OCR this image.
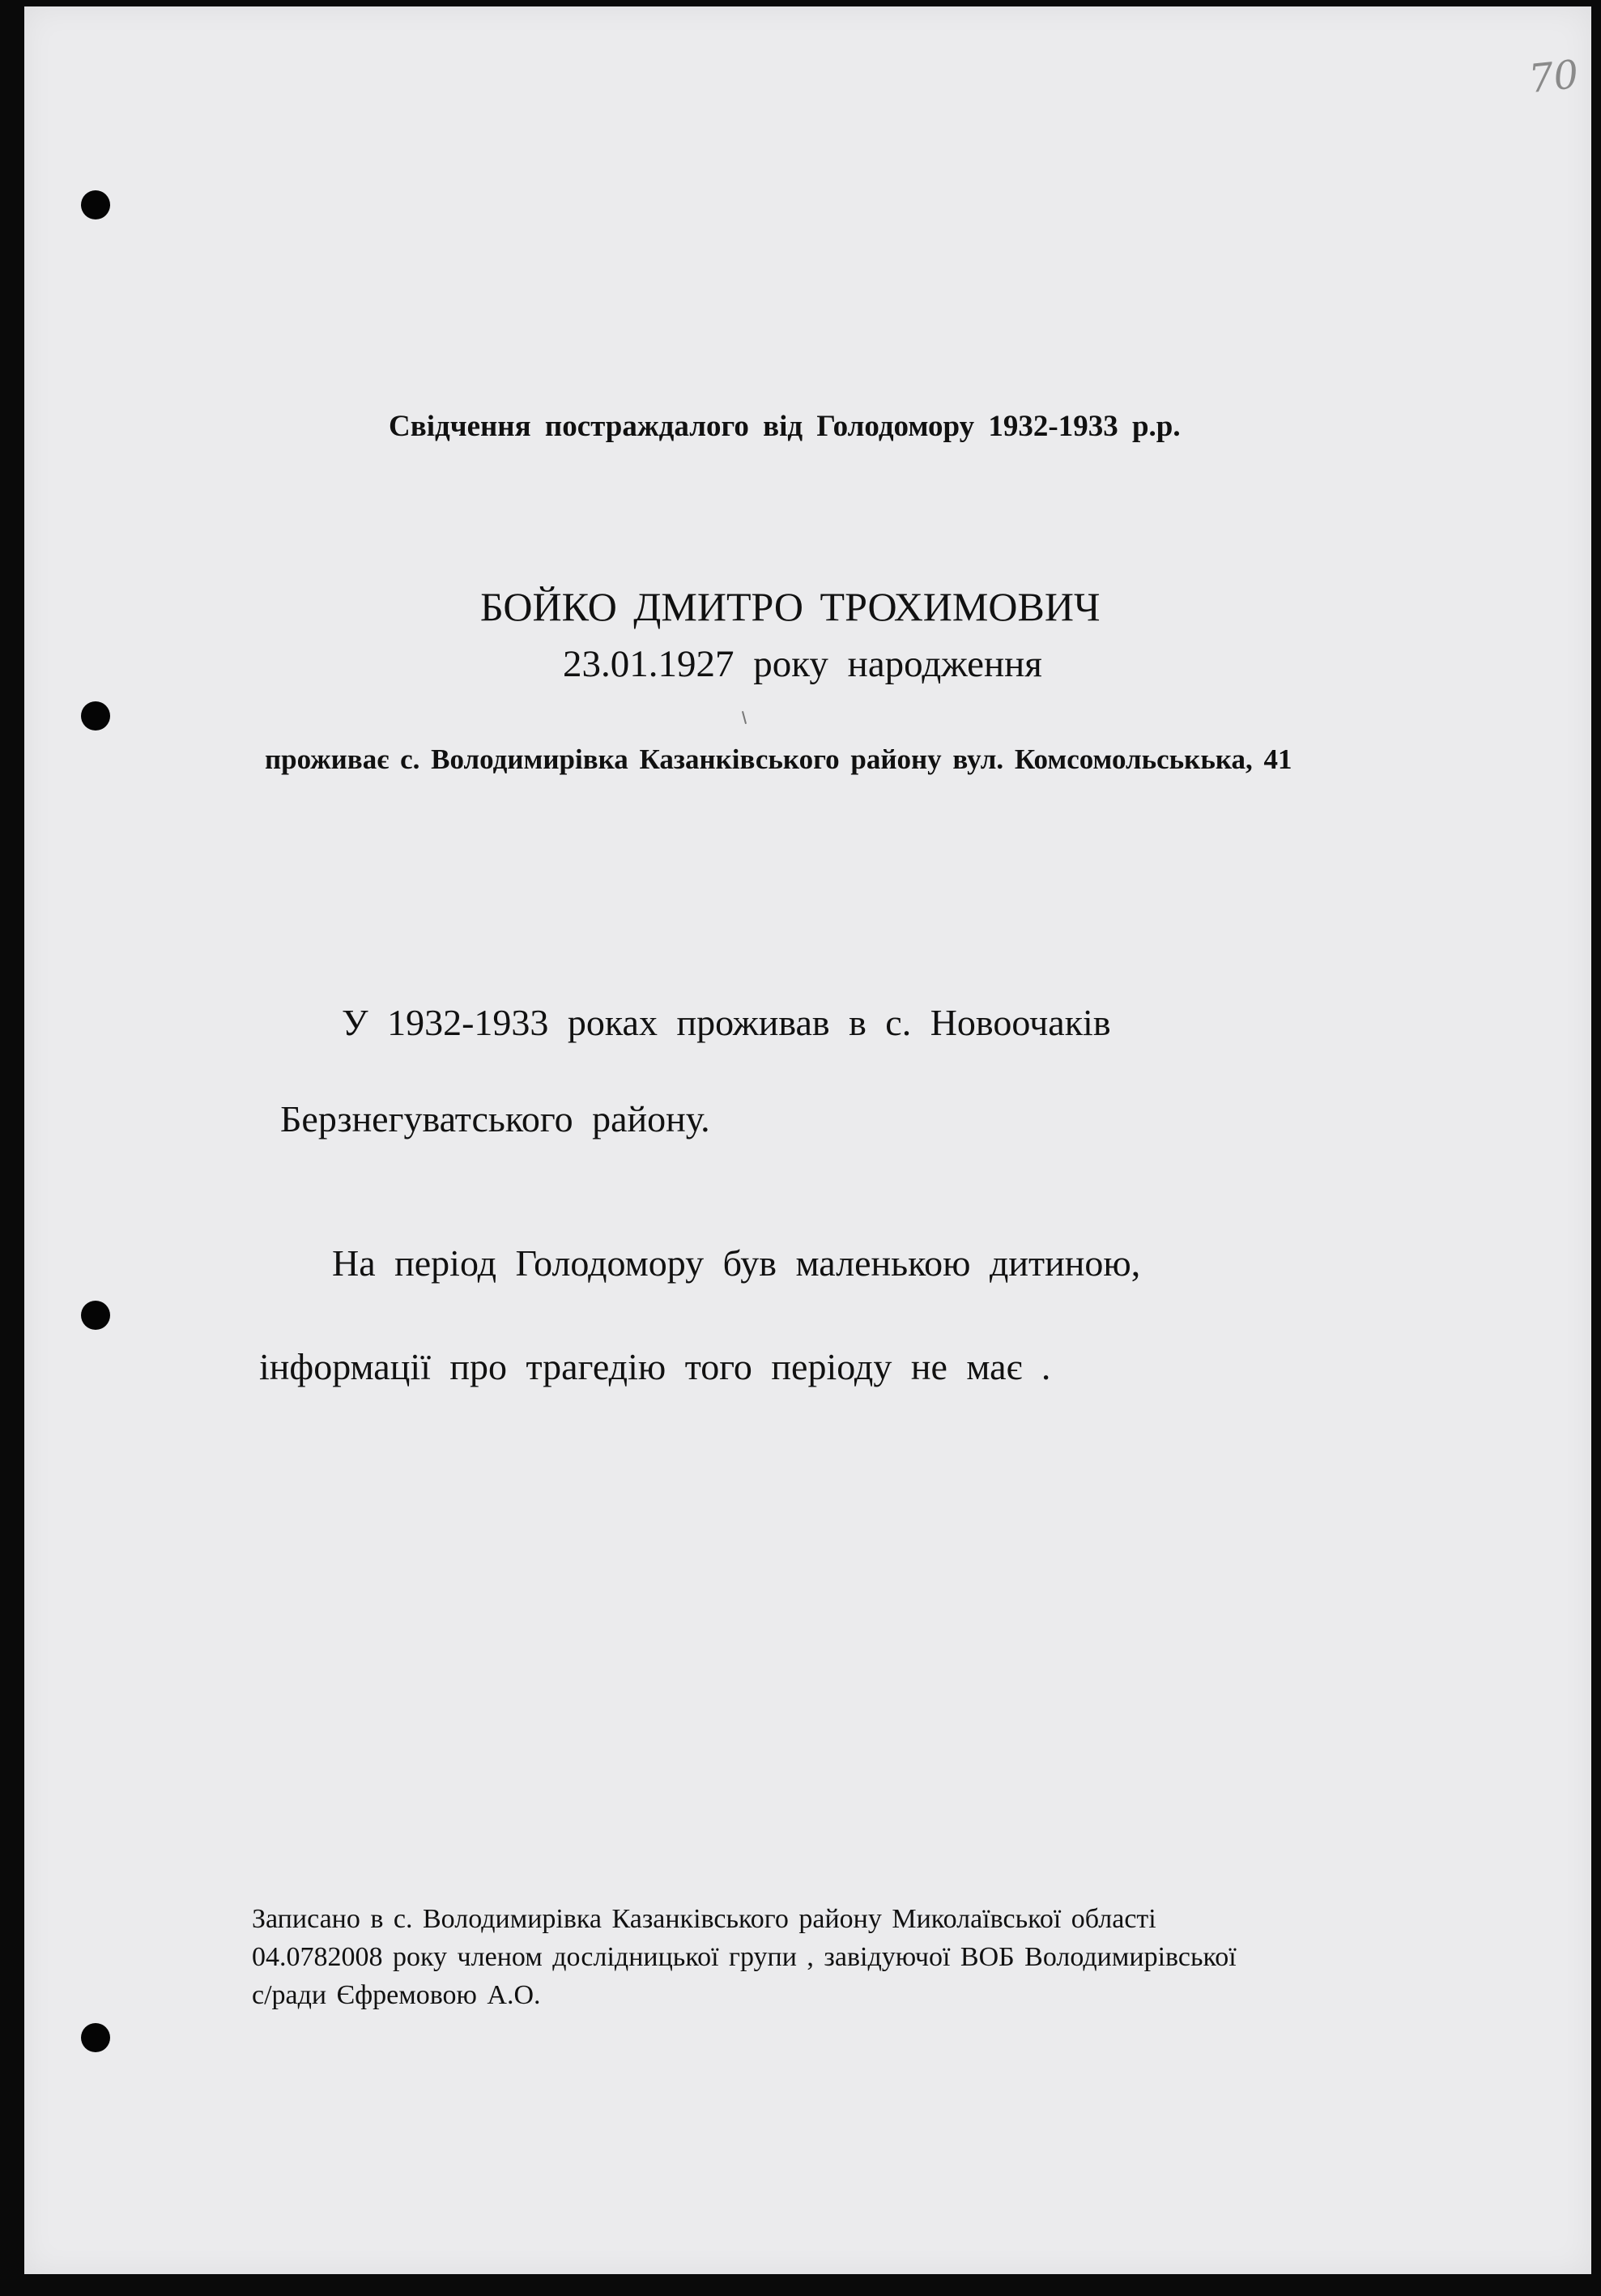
70
Свідчення постраждалого від Голодомору 1932-1933 р.р.
БОЙКО ДМИТРО ТРОХИМОВИЧ
23.01.1927 року народження
проживає с. Володимирівка Казанківського району вул. Комсомольськька, 41
У 1932-1933 роках проживав в с. Новоочаків
Берзнегуватського району.
На період Голодомору був маленькою дитиною,
інформації про трагедію того періоду не має .
Записано в с. Володимирівка Казанківського району Миколаївської області
04.0782008 року членом дослідницької групи , завідуючої ВОБ Володимирівської
с/ради Єфремовою А.О.
